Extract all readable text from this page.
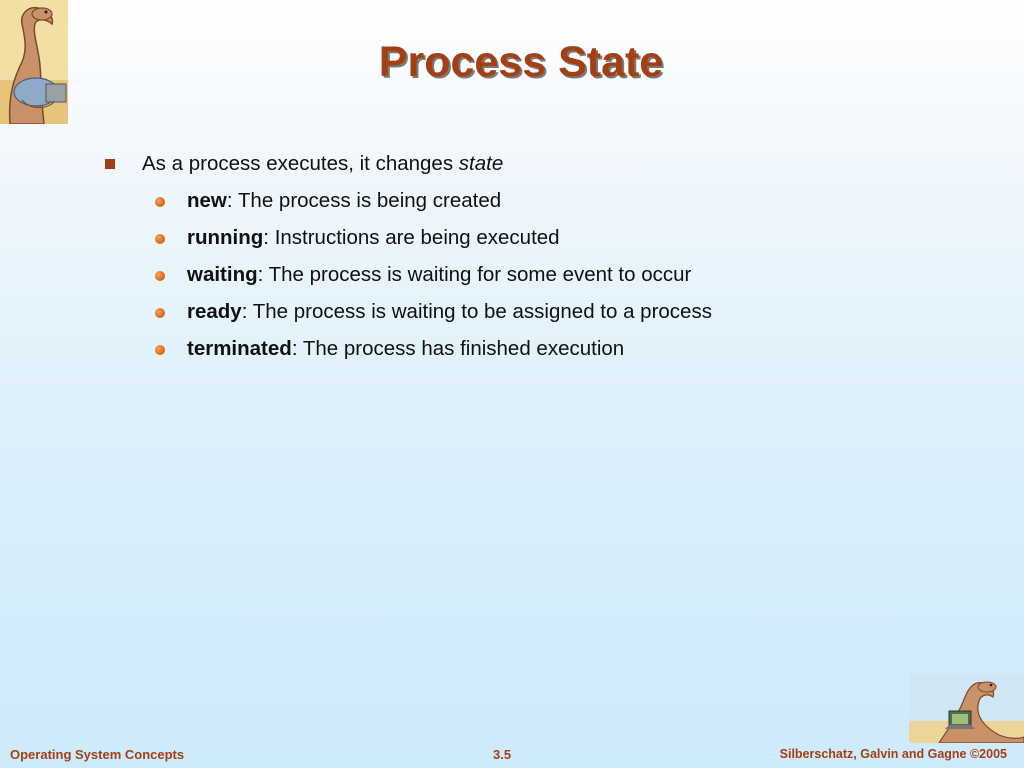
Process State
As a process executes, it changes state
new: The process is being created
running: Instructions are being executed
waiting: The process is waiting for some event to occur
ready: The process is waiting to be assigned to a process
terminated: The process has finished execution
Operating System Concepts	3.5	Silberschatz, Galvin and Gagne ©2005
